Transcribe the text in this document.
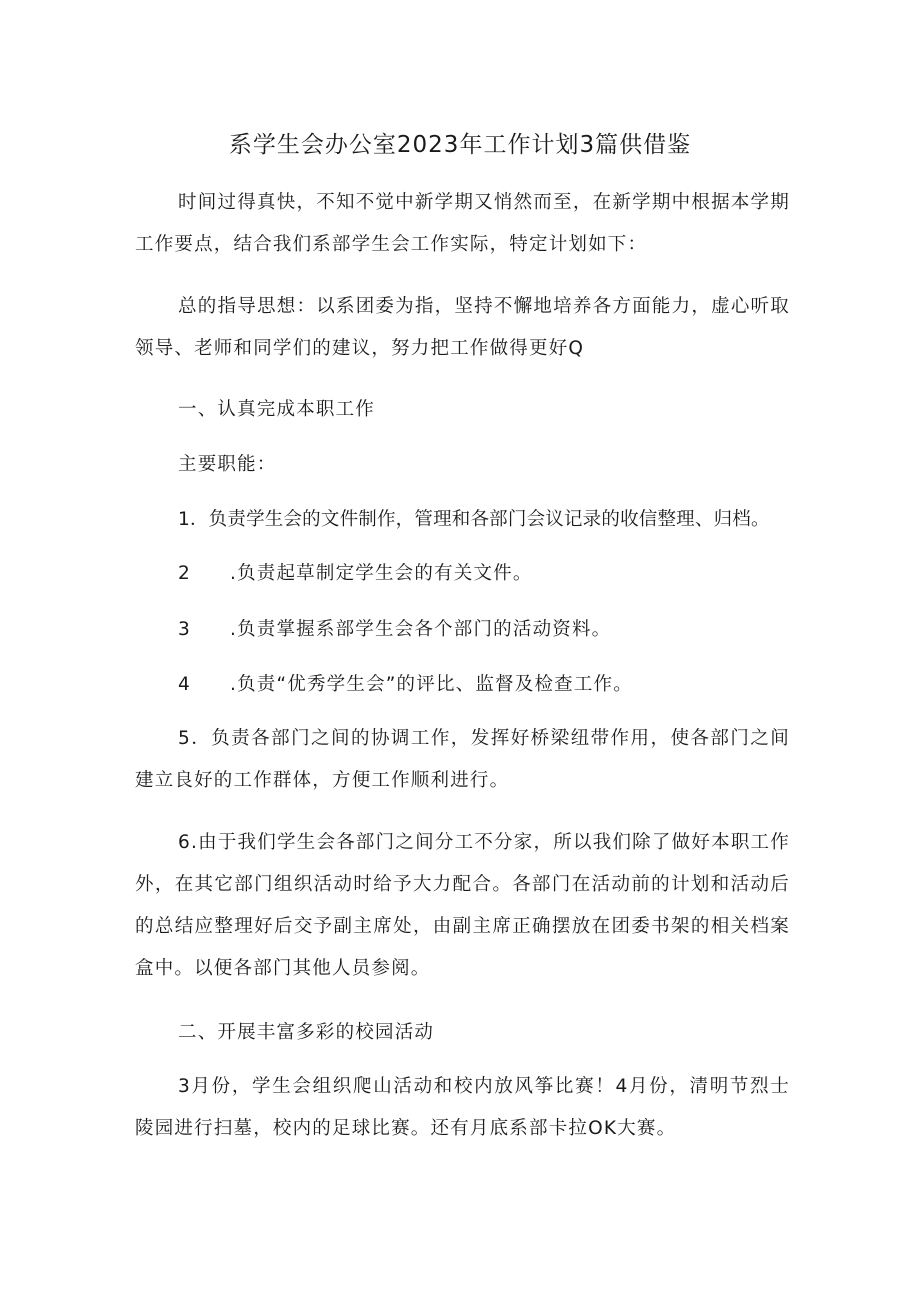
系学生会办公室2023年工作计划3篇供借鉴

时间过得真快，不知不觉中新学期又悄然而至，在新学期中根据本学期工作要点，结合我们系部学生会工作实际，特定计划如下：

总的指导思想：以系团委为指，坚持不懈地培养各方面能力，虚心听取领导、老师和同学们的建议，努力把工作做得更好Q

一、认真完成本职工作

主要职能：

1．负责学生会的文件制作，管理和各部门会议记录的收信整理、归档。

2 .负责起草制定学生会的有关文件。
3 .负责掌握系部学生会各个部门的活动资料。
4 .负责“优秀学生会”的评比、监督及检查工作。

5．负责各部门之间的协调工作，发挥好桥梁纽带作用，使各部门之间建立良好的工作群体，方便工作顺利进行。

6.由于我们学生会各部门之间分工不分家，所以我们除了做好本职工作外，在其它部门组织活动时给予大力配合。各部门在活动前的计划和活动后的总结应整理好后交予副主席处，由副主席正确摆放在团委书架的相关档案盒中。以便各部门其他人员参阅。

二、开展丰富多彩的校园活动

3月份，学生会组织爬山活动和校内放风筝比赛！4月份，清明节烈士陵园进行扫墓，校内的足球比赛。还有月底系部卡拉OK大赛。
